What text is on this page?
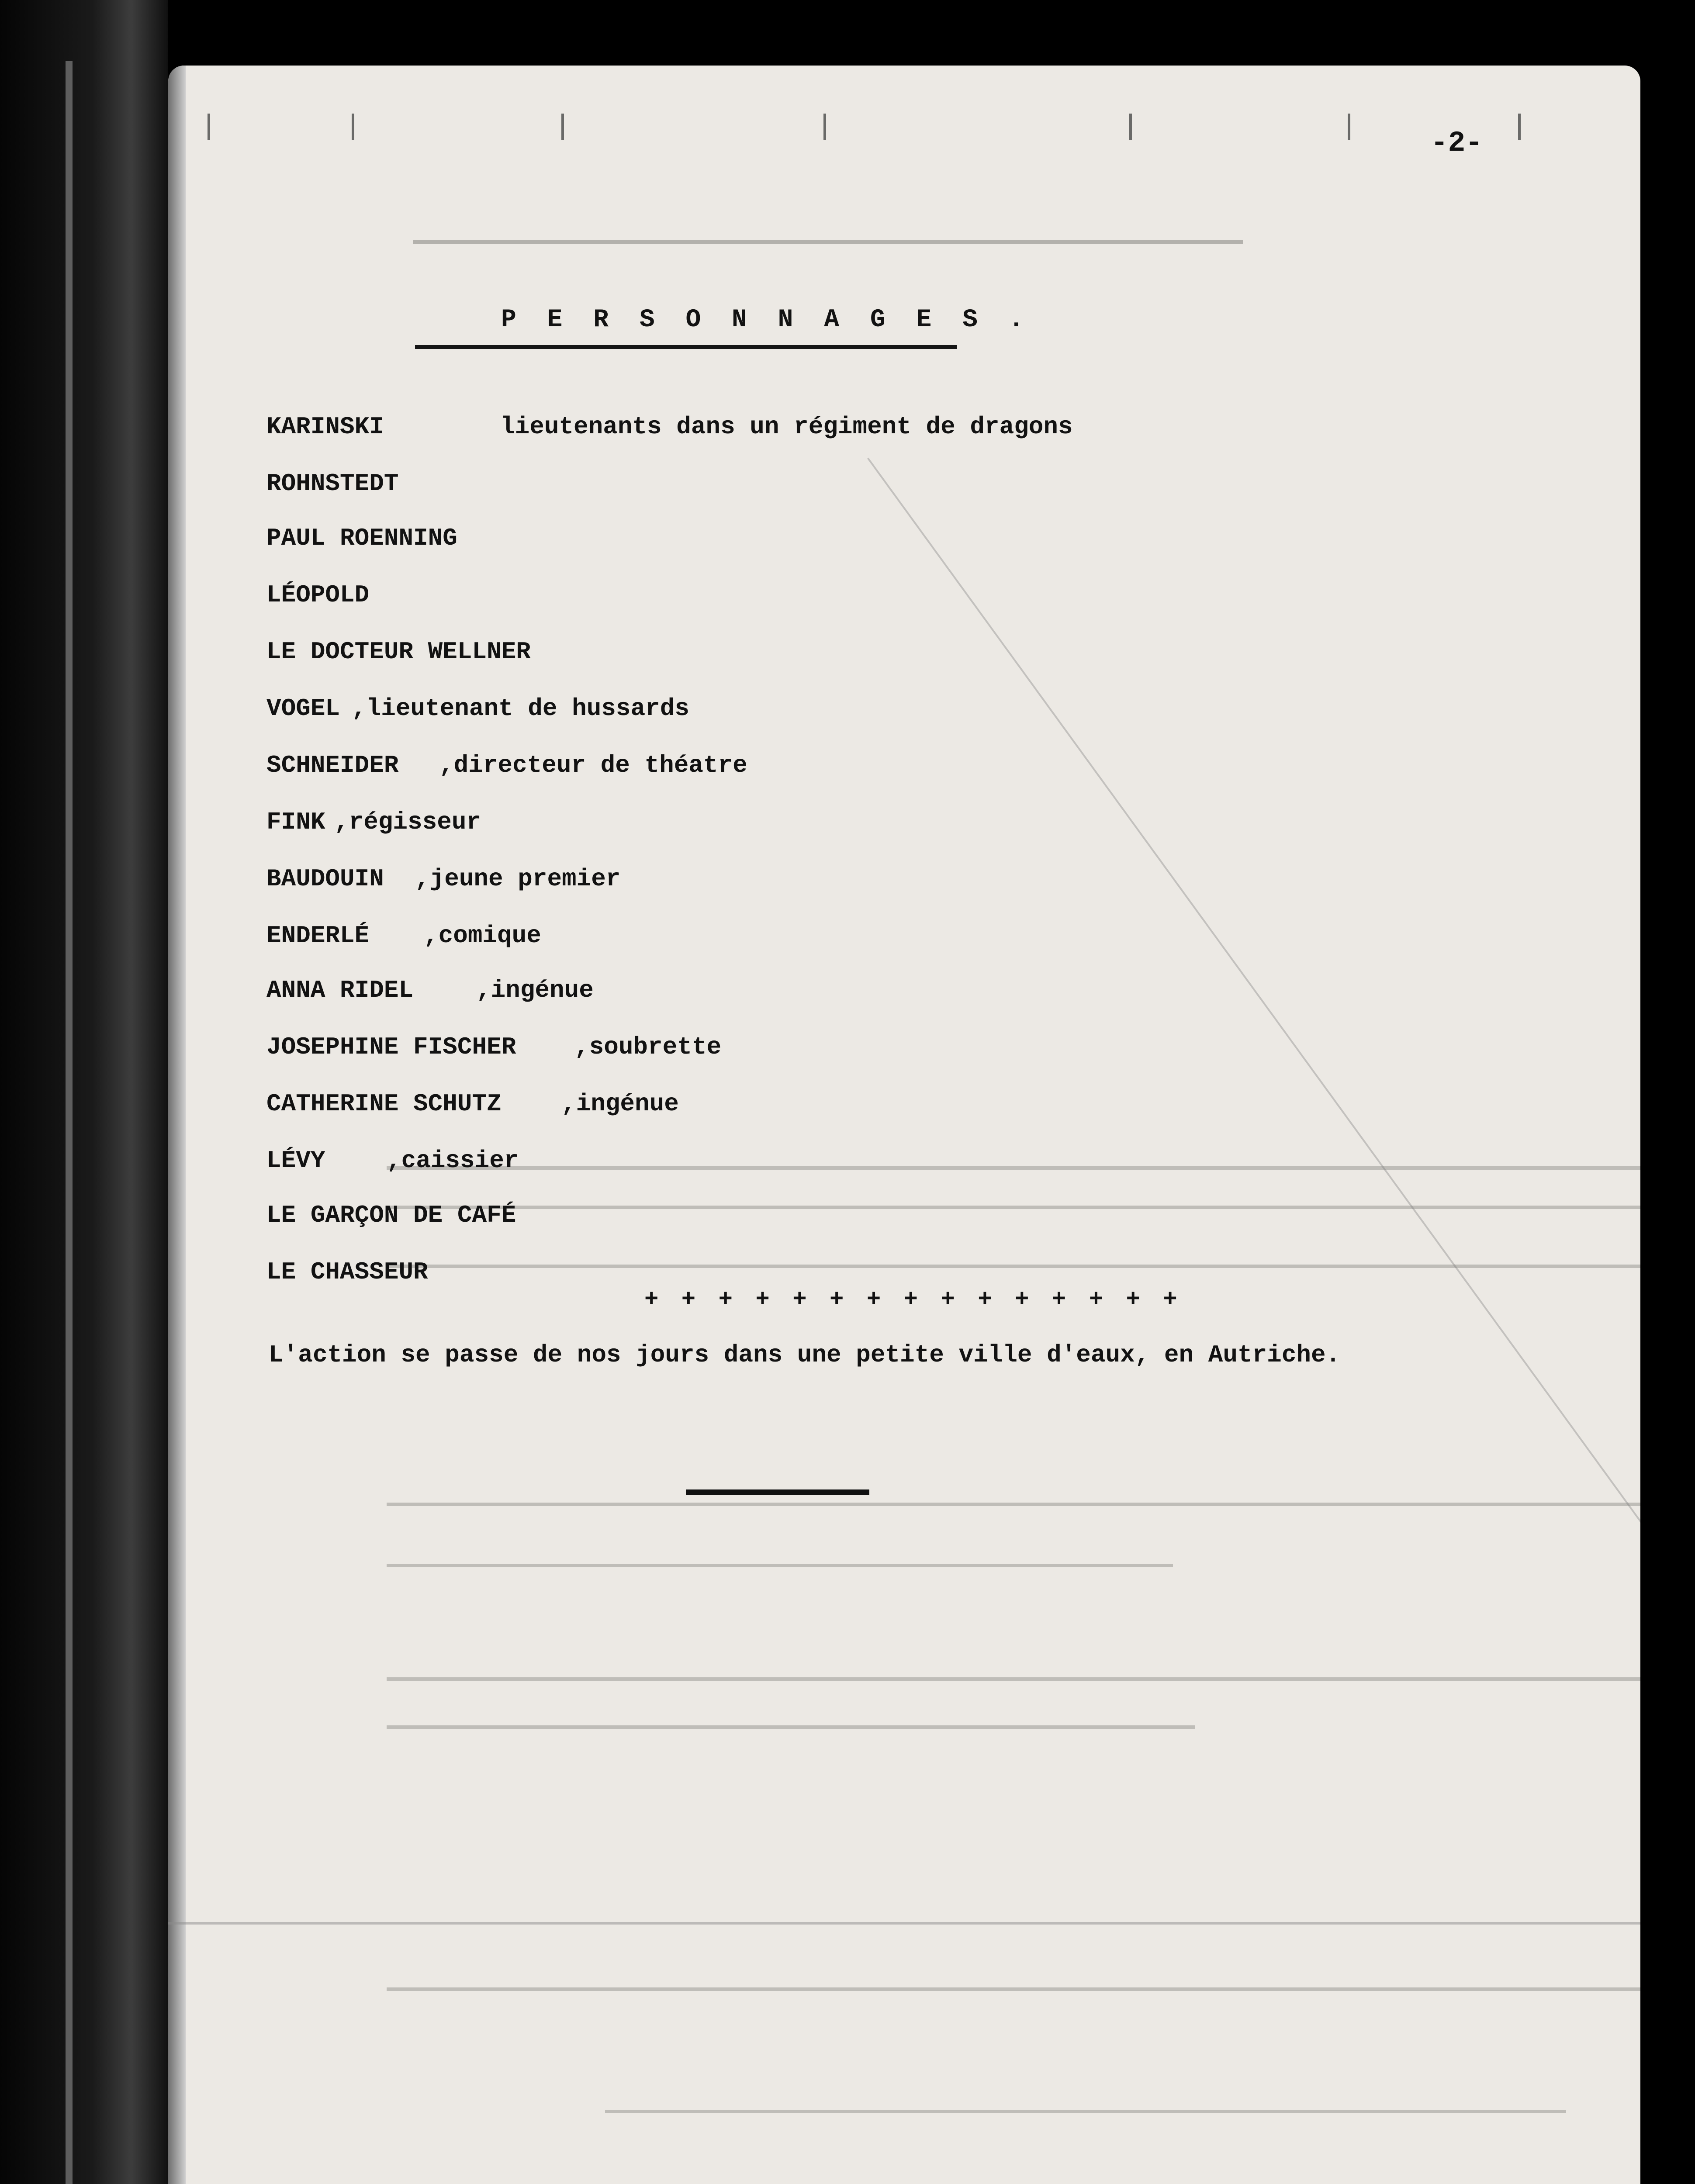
-2-
P E R S O N N A G E S .
lieutenants dans un régiment de dragons
KARINSKI
ROHNSTEDT
PAUL ROENNING
LÉOPOLD
LE DOCTEUR WELLNER
VOGEL ,lieutenant de hussards
SCHNEIDER ,directeur de théatre
FINK ,régisseur
BAUDOUIN ,jeune premier
ENDERLÉ ,comique
ANNA RIDEL	,ingénue
JOSEPHINE FISCHER ,soubrette
CATHERINE SCHUTZ ,ingénue
LÉVY	,caissier
LE GARÇON DE CAFÉ
LE CHASSEUR
+ + + + + + + + + + + + + + +
L'action se passe de nos jours dans une petite ville d'eaux, en Autriche.
